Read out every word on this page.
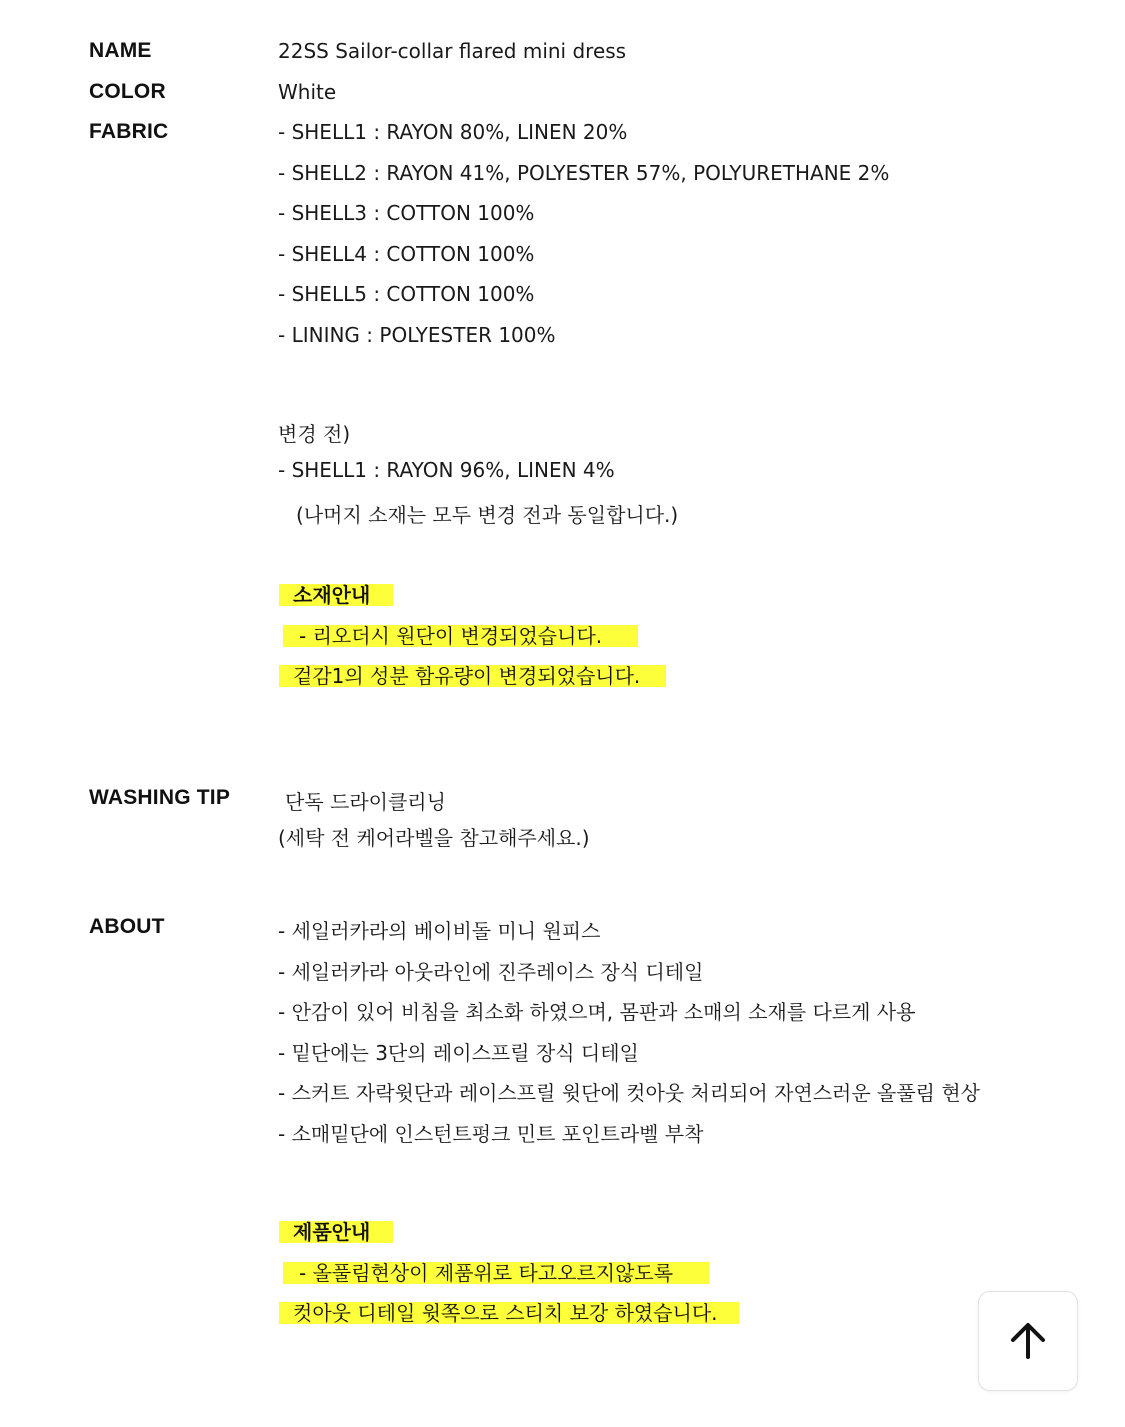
NAME	22SS Sailor-collar flared mini dress
COLOR	White
FABRIC	- SHELL1 : RAYON 80%, LINEN 20%
- SHELL2 : RAYON 41%, POLYESTER 57%, POLYURETHANE 2%
- SHELL3 : COTTON 100%
- SHELL4 : COTTON 100%
- SHELL5 : COTTON 100%
- LINING : POLYESTER 100%
변경 전)
- SHELL1 : RAYON 96%, LINEN 4%
(나머지 소재는 모두 변경 전과 동일합니다.)
소재안내
- 리오더시 원단이 변경되었습니다.
겉감1의 성분 함유량이 변경되었습니다.
WASHING TIP	단독 드라이클리닝
(세탁 전 케어라벨을 참고해주세요.)
ABOUT	- 세일러카라의 베이비돌 미니 원피스
- 세일러카라 아웃라인에 진주레이스 장식 디테일
- 안감이 있어 비침을 최소화 하였으며, 몸판과 소매의 소재를 다르게 사용
- 밑단에는 3단의 레이스프릴 장식 디테일
- 스커트 자락윗단과 레이스프릴 윗단에 컷아웃 처리되어 자연스러운 올풀림 현상
- 소매밑단에 인스턴트펑크 민트 포인트라벨 부착
제품안내
- 올풀림현상이 제품위로 타고오르지않도록
컷아웃 디테일 윗쪽으로 스티치 보강 하였습니다.
